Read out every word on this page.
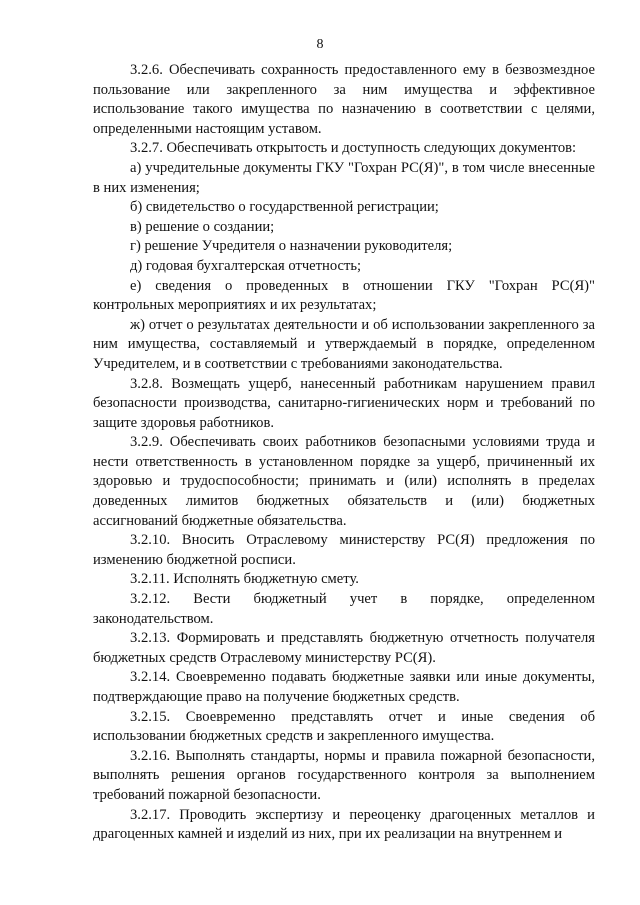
8

3.2.6. Обеспечивать сохранность предоставленного ему в безвозмездное пользование или закрепленного за ним имущества и эффективное использование такого имущества по назначению в соответствии с целями, определенными настоящим уставом.

3.2.7. Обеспечивать открытость и доступность следующих документов:

а) учредительные документы ГКУ "Гохран РС(Я)", в том числе внесенные в них изменения;

б) свидетельство о государственной регистрации;

в) решение о создании;

г) решение Учредителя о назначении руководителя;

д) годовая бухгалтерская отчетность;

е) сведения о проведенных в отношении ГКУ "Гохран РС(Я)" контрольных мероприятиях и их результатах;

ж) отчет о результатах деятельности и об использовании закрепленного за ним имущества, составляемый и утверждаемый в порядке, определенном Учредителем, и в соответствии с требованиями законодательства.

3.2.8. Возмещать ущерб, нанесенный работникам нарушением правил безопасности производства, санитарно-гигиенических норм и требований по защите здоровья работников.

3.2.9. Обеспечивать своих работников безопасными условиями труда и нести ответственность в установленном порядке за ущерб, причиненный их здоровью и трудоспособности; принимать и (или) исполнять в пределах доведенных лимитов бюджетных обязательств и (или) бюджетных ассигнований бюджетные обязательства.

3.2.10. Вносить Отраслевому министерству РС(Я) предложения по изменению бюджетной росписи.

3.2.11. Исполнять бюджетную смету.

3.2.12. Вести бюджетный учет в порядке, определенном законодательством.

3.2.13. Формировать и представлять бюджетную отчетность получателя бюджетных средств Отраслевому министерству РС(Я).

3.2.14. Своевременно подавать бюджетные заявки или иные документы, подтверждающие право на получение бюджетных средств.

3.2.15. Своевременно представлять отчет и иные сведения об использовании бюджетных средств и закрепленного имущества.

3.2.16. Выполнять стандарты, нормы и правила пожарной безопасности, выполнять решения органов государственного контроля за выполнением требований пожарной безопасности.

3.2.17. Проводить экспертизу и переоценку драгоценных металлов и драгоценных камней и изделий из них, при их реализации на внутреннем и
